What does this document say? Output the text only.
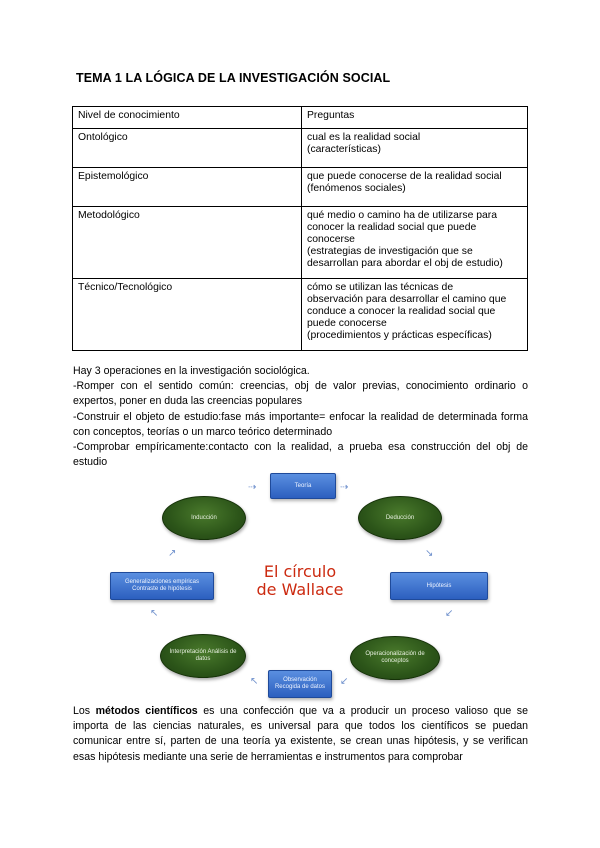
TEMA 1 LA LÓGICA DE LA INVESTIGACIÓN SOCIAL
Nivel de conocimiento	Preguntas
Ontológico	cual es la realidad social
(características)
Epistemológico	que puede conocerse de la realidad social
(fenómenos sociales)
Metodológico	qué medio o camino ha de utilizarse para
conocer la realidad social que puede
conocerse
(estrategias de investigación que se
desarrollan para abordar el obj de estudio)
Técnico/Tecnológico	cómo se utilizan las técnicas de
observación para desarrollar el camino que
conduce a conocer la realidad social que
puede conocerse
(procedimientos y prácticas específicas)
Hay 3 operaciones en la investigación sociológica.
-Romper con el sentido común: creencias, obj de valor previas, conocimiento ordinario o expertos, poner en duda las creencias populares
-Construir el objeto de estudio:fase más importante= enfocar la realidad de determinada forma con conceptos, teorías o un marco teórico determinado
-Comprobar empíricamente:contacto con la realidad, a prueba esa construcción del obj de estudio
Teoría
Deducción
Hipótesis
Operacionalización de conceptos
Observación Recogida de datos
Interpretación Análisis de datos
Generalizaciones empíricas Contraste de hipótesis
Inducción
El círculo
de Wallace
⇢
⇢
↘
↙
↙
↖
↖
↗
Los métodos científicos es una confección que va a producir un proceso valioso que se importa de las ciencias naturales, es universal para que todos los científicos se puedan comunicar entre sí, parten de una teoría ya existente, se crean unas hipótesis, y se verifican esas hipótesis mediante una serie de herramientas e instrumentos para comprobar
